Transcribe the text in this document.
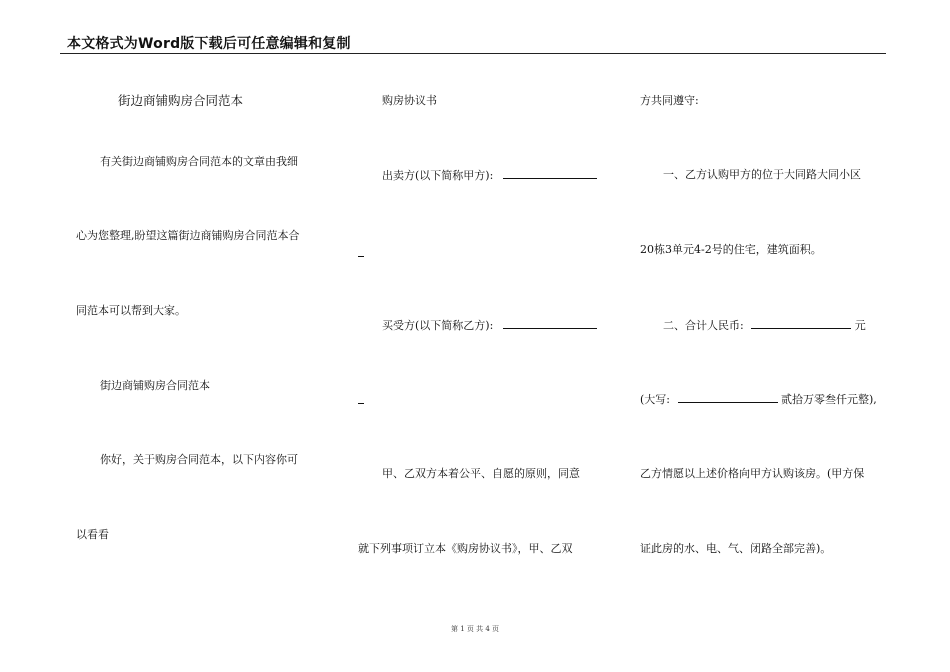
本文格式为Word版下载后可任意编辑和复制
街边商铺购房合同范本
有关街边商铺购房合同范本的文章由我细
心为您整理,盼望这篇街边商铺购房合同范本合
同范本可以帮到大家。
街边商铺购房合同范本
你好，关于购房合同范本，以下内容你可
以看看
购房协议书
出卖方(以下简称甲方):
买受方(以下简称乙方):
甲、乙双方本着公平、自愿的原则，同意
就下列事项订立本《购房协议书》，甲、乙双
方共同遵守:
一、乙方认购甲方的位于大同路大同小区
20栋3单元4-2号的住宅，建筑面积。
二、合计人民币:	元
(大写:	贰拾万零叁仟元整),
乙方情愿以上述价格向甲方认购该房。(甲方保
证此房的水、电、气、闭路全部完善)。
第 1 页 共 4 页
